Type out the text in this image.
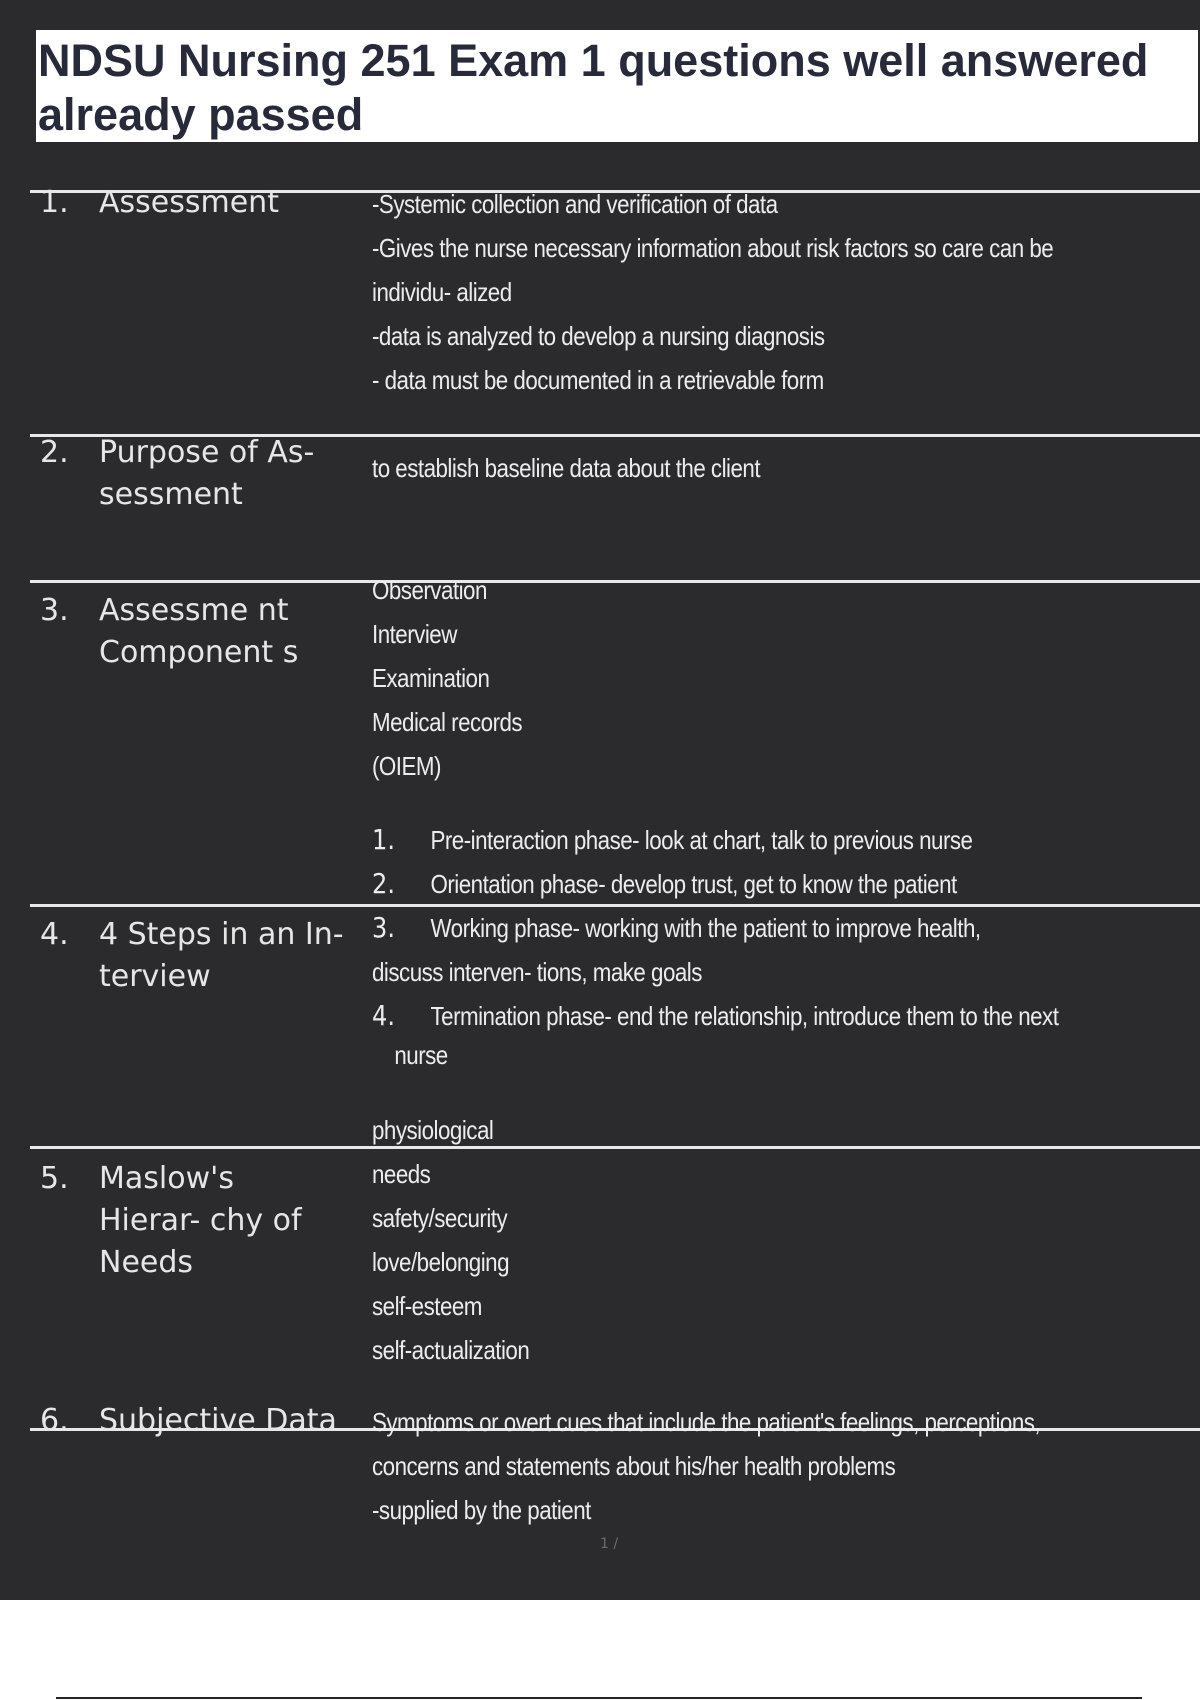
NDSU Nursing 251 Exam 1 questions well answered already passed

1.	Assessment	-Systemic collection and verification of data
-Gives the nurse necessary information about risk factors so care can be
individu- alized
-data is analyzed to develop a nursing diagnosis
- data must be documented in a retrievable form
2.	Purpose of As- sessment
to establish baseline data about the client
3.	Assessme nt Component s
Observation
Interview
Examination
Medical records
(OIEM)
4.	4 Steps in an In- terview
1. Pre-interaction phase- look at chart, talk to previous nurse
2. Orientation phase- develop trust, get to know the patient
3. Working phase- working with the patient to improve health,
discuss interven- tions, make goals
4. Termination phase- end the relationship, introduce them to the next
nurse
5.	Maslow's Hierar- chy of Needs
physiological
needs
safety/security
love/belonging
self-esteem
self-actualization
6.	Subjective Data	Symptoms or overt cues that include the patient's feelings, perceptions,
concerns and statements about his/her health problems
-supplied by the patient
1 /
